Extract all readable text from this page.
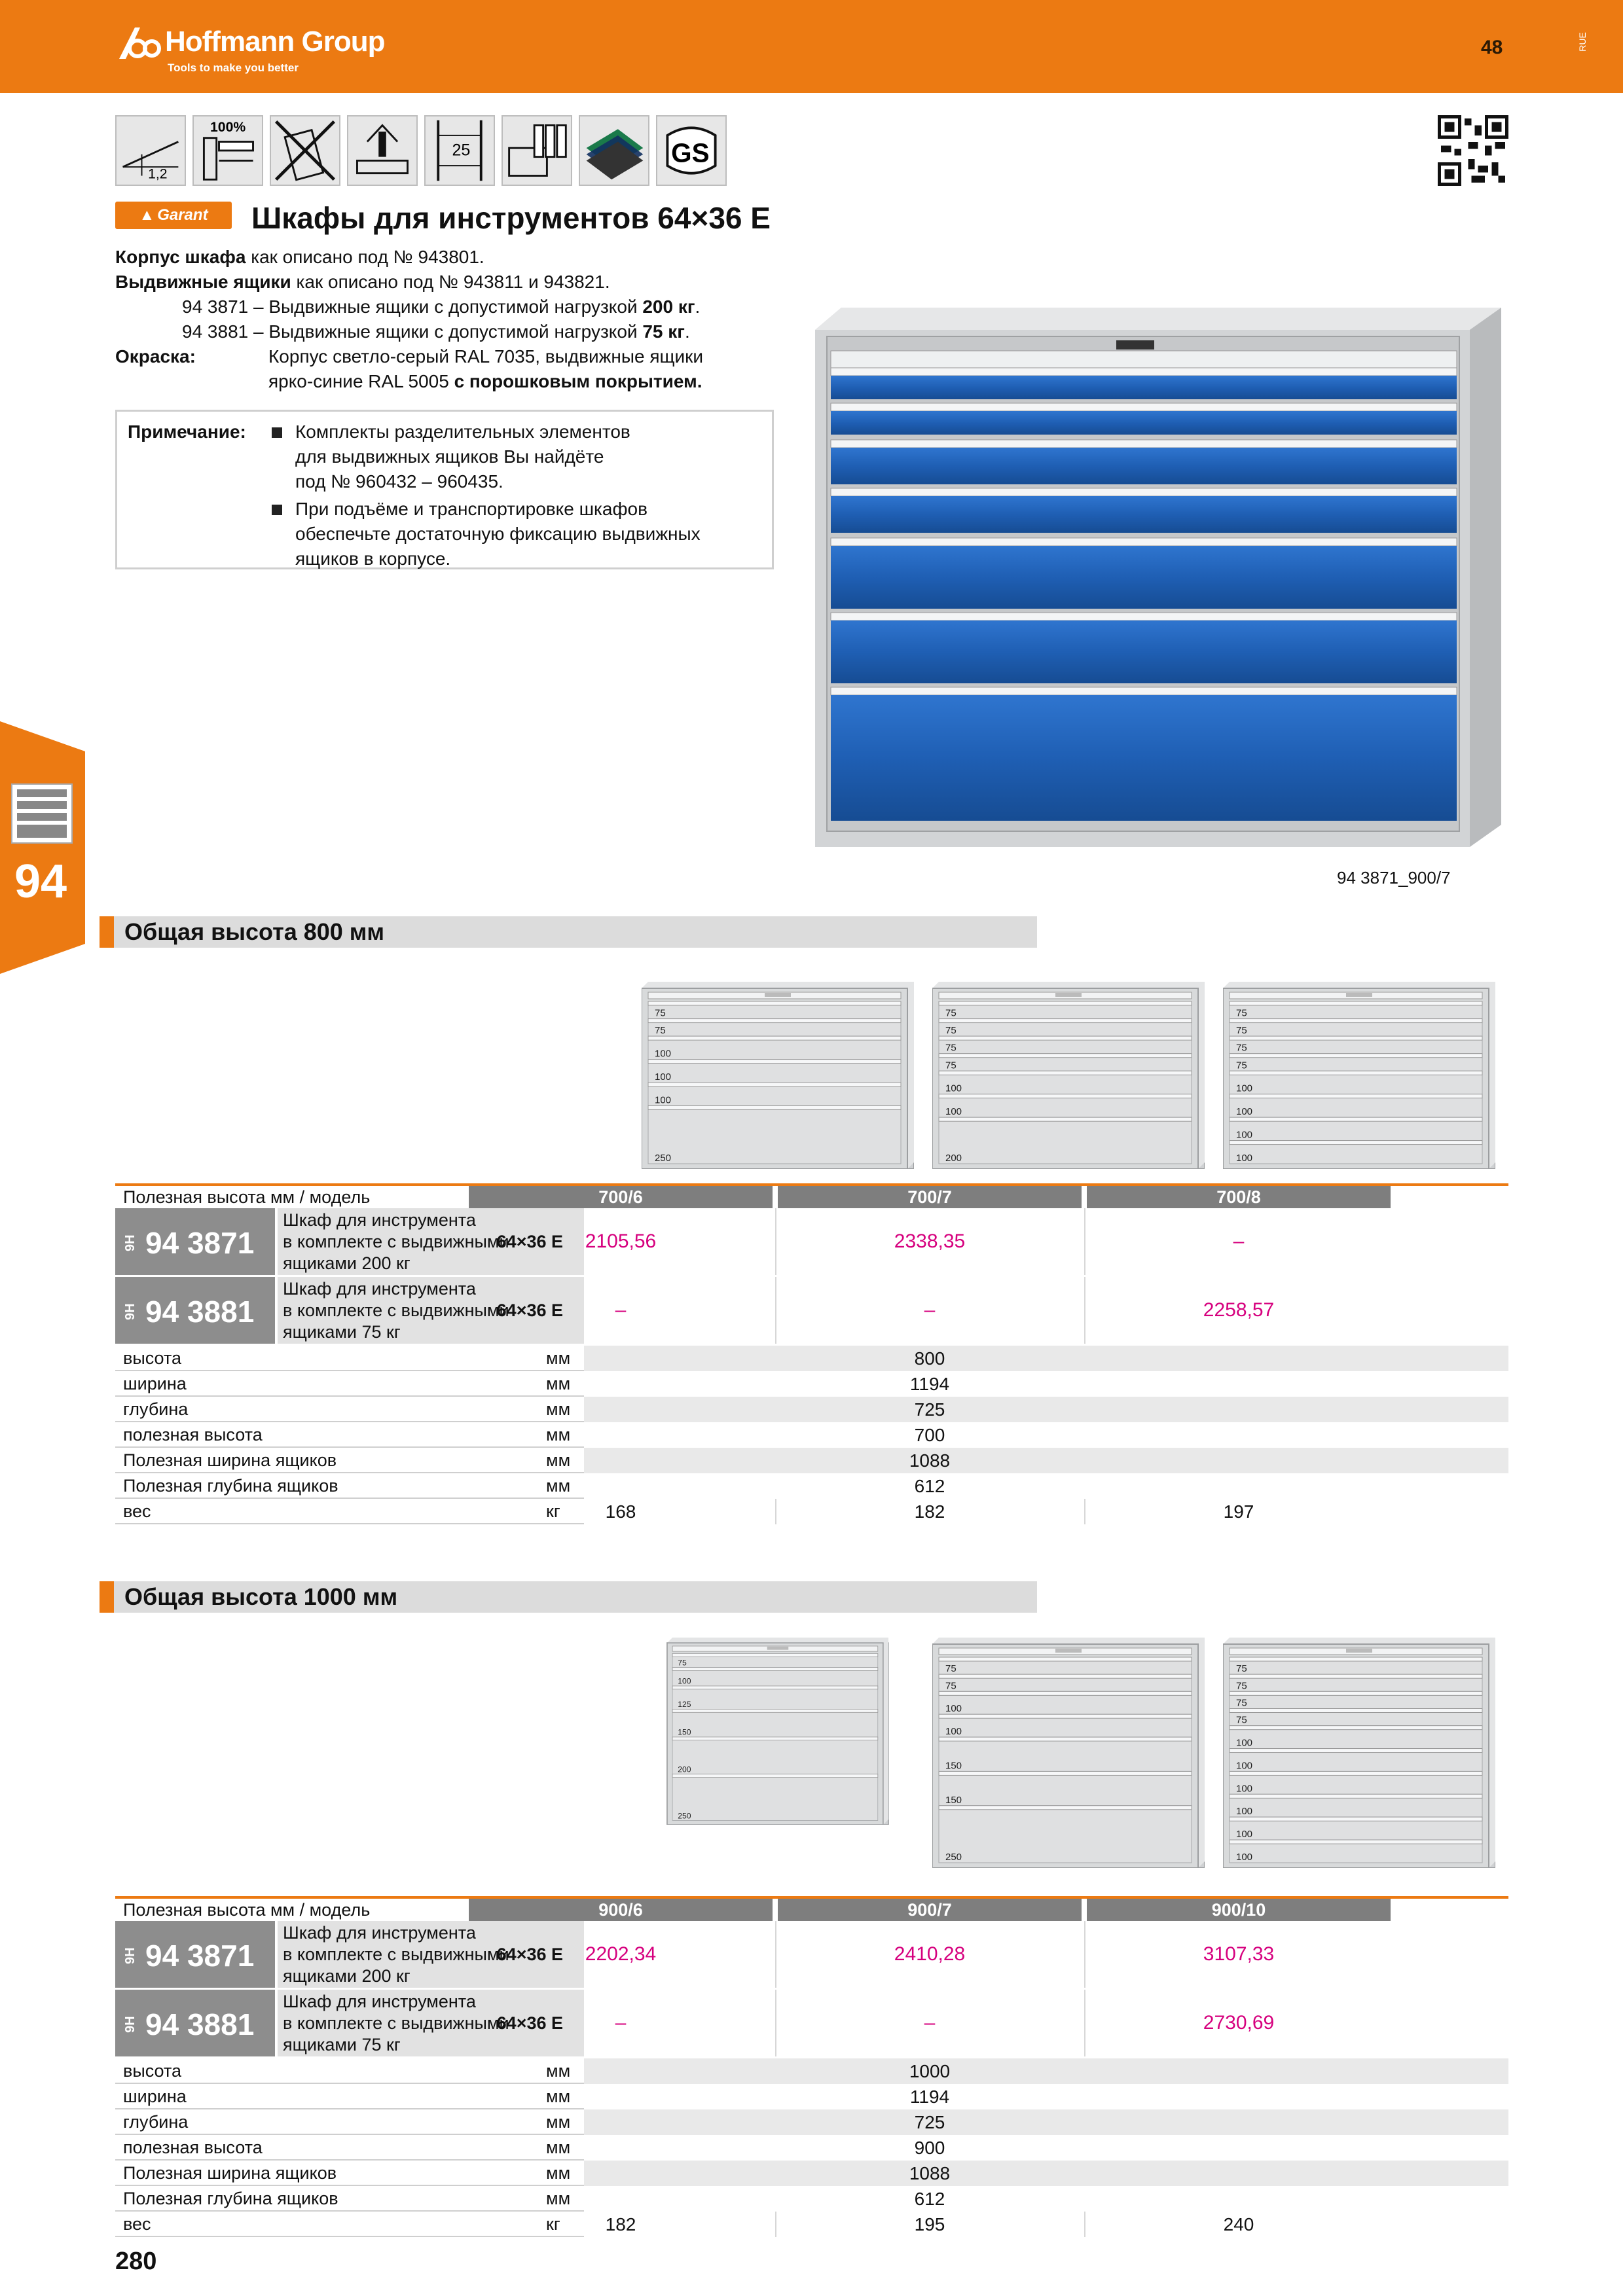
Hoffmann Group
Tools to make you better
48	RUE
1,2
100%
25	GS
▲ Garant Шкафы для инструментов 64×36 E
Корпус шкафа как описано под № 943801.
Выдвижные ящики как описано под № 943811 и 943821.
94 3871 – Выдвижные ящики с допустимой нагрузкой 200 кг.
94 3881 – Выдвижные ящики с допустимой нагрузкой 75 кг.
Окраска:	Корпус светло-серый RAL 7035, выдвижные ящики
ярко-синие RAL 5005 с порошковым покрытием.
Примечание:	Комплекты разделительных элементов
для выдвижных ящиков Вы найдёте
под № 960432 – 960435.
При подъёме и транспортировке шкафов
обеспечьте достаточную фиксацию выдвижных
ящиков в корпусе.
94 3871_900/7
94
Общая высота 800 мм
75
75
100
100
100
250
75
75
75
75
100
100
200
75
75
75
75
100
100
100
100
Полезная высота мм / модель	700/6	700/7	700/8
9H 94 3871
Шкаф для инструмента
в комплекте с выдвижными
ящиками 200 кг
64×36 E	2105,56	2338,35	–
9H 94 3881
Шкаф для инструмента
в комплекте с выдвижными
ящиками 75 кг
64×36 E	–	–	2258,57
высота	мм	800
ширина	мм	1194
глубина	мм	725
полезная высота	мм	700
Полезная ширина ящиков	мм	1088
Полезная глубина ящиков	мм	612
вес	кг	168	182	197
Общая высота 1000 мм
75
100
125
150
200
250
75
75
100
100
150
150
250
75
75
75
75
100
100
100
100
100
100
Полезная высота мм / модель	900/6	900/7	900/10
9H 94 3871
Шкаф для инструмента
в комплекте с выдвижными
ящиками 200 кг
64×36 E	2202,34	2410,28	3107,33
9H 94 3881
Шкаф для инструмента
в комплекте с выдвижными
ящиками 75 кг
64×36 E	–	–	2730,69
высота	мм	1000
ширина	мм	1194
глубина	мм	725
полезная высота	мм	900
Полезная ширина ящиков	мм	1088
Полезная глубина ящиков	мм	612
вес	кг	182	195	240
280
